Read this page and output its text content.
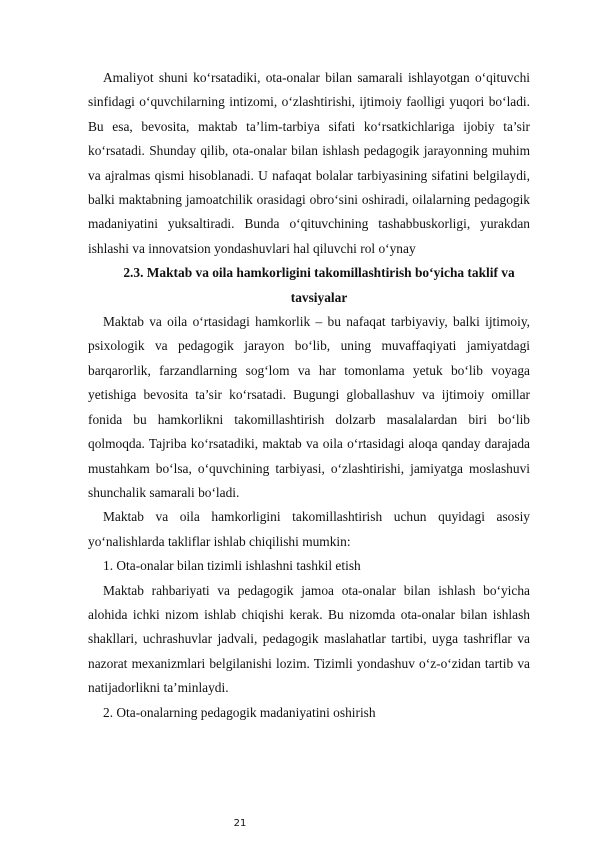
Amaliyot shuni ko‘rsatadiki, ota-onalar bilan samarali ishlayotgan o‘qituvchi sinfidagi o‘quvchilarning intizomi, o‘zlashtirishi, ijtimoiy faolligi yuqori bo‘ladi. Bu esa, bevosita, maktab ta’lim-tarbiya sifati ko‘rsatkichlariga ijobiy ta’sir ko‘rsatadi. Shunday qilib, ota-onalar bilan ishlash pedagogik jarayonning muhim va ajralmas qismi hisoblanadi. U nafaqat bolalar tarbiyasining sifatini belgilaydi, balki maktabning jamoatchilik orasidagi obro‘sini oshiradi, oilalarning pedagogik madaniyatini yuksaltiradi. Bunda o‘qituvchining tashabbuskorligi, yurakdan ishlashi va innovatsion yondashuvlari hal qiluvchi rol o‘ynay

2.3. Maktab va oila hamkorligini takomillashtirish bo‘yicha taklif va tavsiyalar

Maktab va oila o‘rtasidagi hamkorlik – bu nafaqat tarbiyaviy, balki ijtimoiy, psixologik va pedagogik jarayon bo‘lib, uning muvaffaqiyati jamiyatdagi barqarorlik, farzandlarning sog‘lom va har tomonlama yetuk bo‘lib voyaga yetishiga bevosita ta’sir ko‘rsatadi. Bugungi globallashuv va ijtimoiy omillar fonida bu hamkorlikni takomillashtirish dolzarb masalalardan biri bo‘lib qolmoqda. Tajriba ko‘rsatadiki, maktab va oila o‘rtasidagi aloqa qanday darajada mustahkam bo‘lsa, o‘quvchining tarbiyasi, o‘zlashtirishi, jamiyatga moslashuvi shunchalik samarali bo‘ladi.

Maktab va oila hamkorligini takomillashtirish uchun quyidagi asosiy yo‘nalishlarda takliflar ishlab chiqilishi mumkin:

1. Ota-onalar bilan tizimli ishlashni tashkil etish

Maktab rahbariyati va pedagogik jamoa ota-onalar bilan ishlash bo‘yicha alohida ichki nizom ishlab chiqishi kerak. Bu nizomda ota-onalar bilan ishlash shakllari, uchrashuvlar jadvali, pedagogik maslahatlar tartibi, uyga tashriflar va nazorat mexanizmlari belgilanishi lozim. Tizimli yondashuv o‘z-o‘zidan tartib va natijadorlikni ta’minlaydi.

2. Ota-onalarning pedagogik madaniyatini oshirish

21
